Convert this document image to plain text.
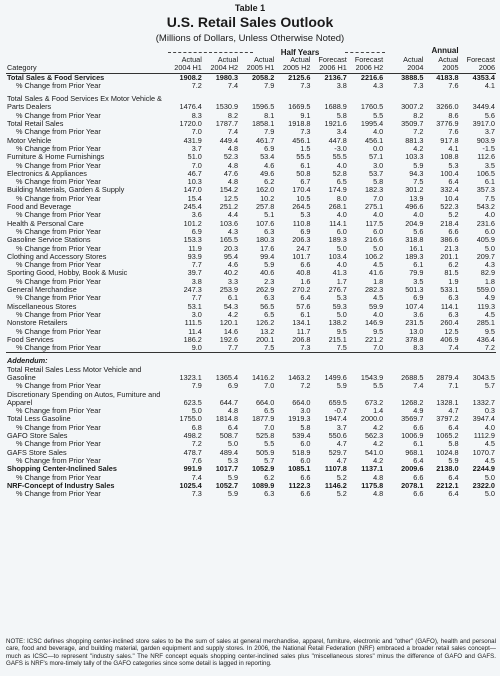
Table 1
U.S. Retail Sales Outlook
(Millions of Dollars, Unless Otherwise Noted)
Half Years	Annual
	Actual	Actual	Actual	Actual	Forecast	Forecast		Actual	Actual	Forecast
Category	2004 H1	2004 H2	2005 H1	2005 H2	2006 H1	2006 H2		2004	2005	2006
Total Sales & Food Services	1908.2	1980.3	2058.2	2125.6	2136.7	2216.6		3888.5	4183.8	4353.4
% Change from Prior Year	7.2	7.4	7.9	7.3	3.8	4.3		7.3	7.6	4.1

Total Sales & Food Services Ex Motor Vehicle & Parts Dealers	1476.4	1530.9	1596.5	1669.5	1688.9	1760.5		3007.2	3266.0	3449.4
% Change from Prior Year	8.3	8.2	8.1	9.1	5.8	5.5		8.2	8.6	5.6
Total Retail Sales	1720.0	1787.7	1858.1	1918.8	1921.6	1995.4		3509.7	3776.9	3917.0
% Change from Prior Year	7.0	7.4	7.9	7.3	3.4	4.0		7.2	7.6	3.7
Motor Vehicle	431.9	449.4	461.7	456.1	447.8	456.1		881.3	917.8	903.9
% Change from Prior Year	3.7	4.8	6.9	1.5	-3.0	0.0		4.2	4.1	-1.5
Furniture & Home Furnishings	51.0	52.3	53.4	55.5	55.5	57.1		103.3	108.8	112.6
% Change from Prior Year	7.0	4.8	4.6	6.1	4.0	3.0		5.9	5.3	3.5
Electronics & Appliances	46.7	47.6	49.6	50.8	52.8	53.7		94.3	100.4	106.5
% Change from Prior Year	10.3	4.8	6.2	6.7	6.5	5.8		7.5	6.4	6.1
Building Materials, Garden & Supply	147.0	154.2	162.0	170.4	174.9	182.3		301.2	332.4	357.3
% Change from Prior Year	15.4	12.5	10.2	10.5	8.0	7.0		13.9	10.4	7.5
Food and Beverage	245.4	251.2	257.8	264.5	268.1	275.1		496.6	522.3	543.2
% Change from Prior Year	3.6	4.4	5.1	5.3	4.0	4.0		4.0	5.2	4.0
Health & Personal Care	101.2	103.6	107.6	110.8	114.1	117.5		204.9	218.4	231.6
% Change from Prior Year	6.9	4.3	6.3	6.9	6.0	6.0		5.6	6.6	6.0
Gasoline Service Stations	153.3	165.5	180.3	206.3	189.3	216.6		318.8	386.6	405.9
% Change from Prior Year	11.9	20.3	17.6	24.7	5.0	5.0		16.1	21.3	5.0
Clothing and Accessory Stores	93.9	95.4	99.4	101.7	103.4	106.2		189.3	201.1	209.7
% Change from Prior Year	7.7	4.6	5.9	6.6	4.0	4.5		6.1	6.2	4.3
Sporting Good, Hobby, Book & Music	39.7	40.2	40.6	40.8	41.3	41.6		79.9	81.5	82.9
% Change from Prior Year	3.8	3.3	2.3	1.6	1.7	1.8		3.5	1.9	1.8
General Merchandise	247.3	253.9	262.9	270.2	276.7	282.3		501.3	533.1	559.0
% Change from Prior Year	7.7	6.1	6.3	6.4	5.3	4.5		6.9	6.3	4.9
Miscellaneous Stores	53.1	54.3	56.5	57.6	59.3	59.9		107.4	114.1	119.3
% Change from Prior Year	3.0	4.2	6.5	6.1	5.0	4.0		3.6	6.3	4.5
Nonstore Retailers	111.5	120.1	126.2	134.1	138.2	146.9		231.5	260.4	285.1
% Change from Prior Year	11.4	14.6	13.2	11.7	9.5	9.5		13.0	12.5	9.5
Food Services	186.2	192.6	200.1	206.8	215.1	221.2		378.8	406.9	436.4
% Change from Prior Year	9.0	7.7	7.5	7.3	7.5	7.0		8.3	7.4	7.2
Addendum:										
Total Retail Sales Less Motor Vehicle and Gasoline	1323.1	1365.4	1416.2	1463.2	1499.6	1543.9		2688.5	2879.4	3043.5
% Change from Prior Year	7.9	6.9	7.0	7.2	5.9	5.5		7.4	7.1	5.7
Discretionary Spending on Autos, Furniture and Apparel	623.5	644.7	664.0	664.0	659.5	673.2		1268.2	1328.1	1332.7
% Change from Prior Year	5.0	4.8	6.5	3.0	-0.7	1.4		4.9	4.7	0.3
Total Less Gasoline	1755.0	1814.8	1877.9	1919.3	1947.4	2000.0		3569.7	3797.2	3947.4
% Change from Prior Year	6.8	6.4	7.0	5.8	3.7	4.2		6.6	6.4	4.0
GAFO Store Sales	498.2	508.7	525.8	539.4	550.6	562.3		1006.9	1065.2	1112.9
% Change from Prior Year	7.2	5.0	5.5	6.0	4.7	4.2		6.1	5.8	4.5
GAFS Store Sales	478.7	489.4	505.9	518.9	529.7	541.0		968.1	1024.8	1070.7
% Change from Prior Year	7.6	5.3	5.7	6.0	4.7	4.2		6.4	5.9	4.5
Shopping Center-Inclined Sales	991.9	1017.7	1052.9	1085.1	1107.8	1137.1		2009.6	2138.0	2244.9
% Change from Prior Year	7.4	5.9	6.2	6.6	5.2	4.8		6.6	6.4	5.0
NRF-Concept of Industry Sales	1025.4	1052.7	1089.9	1122.3	1146.2	1175.8		2078.1	2212.1	2322.0
% Change from Prior Year	7.3	5.9	6.3	6.6	5.2	4.8		6.6	6.4	5.0
NOTE: ICSC defines shopping center-inclined store sales to be the sum of sales at general merchandise, apparel, furniture, electronic and "other" (GAFO), health and personal care, food and beverage, and building material, garden equipment and supply stores. In 2006, the National Retail Federation (NRF) embraced a broader retail sales concept—much as ICSC—to represent "industry sales." The NRF concept equals shopping center-inclined sales plus "miscellaneous stores" minus the difference of GAFO and GAFS. GAFS is NRF's more-timely tally of the GAFO categories since some detail is lagged in reporting.
